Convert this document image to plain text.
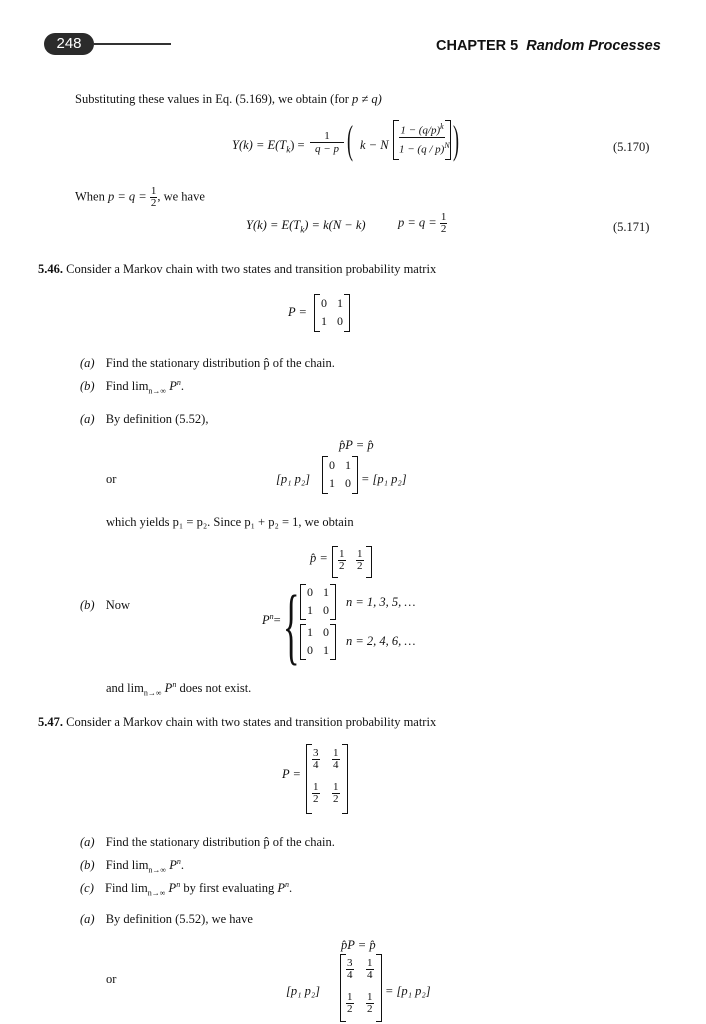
248	CHAPTER 5 Random Processes
Substituting these values in Eq. (5.169), we obtain (for p ≠ q)
$Y(k) = E(T_k)$ =
1
q − p ( k − N $\frac{1 - (q/p)^k}{1 - (q / p)^N}$ )	(5.170)
When $p = q = \frac{1}{2}$ , we have
$Y(k) = E(T_k) = k(N - k)$	$p = q = \frac{1}{2}$	(5.171)
5.46. Consider a Markov chain with two states and transition probability matrix
P =
0 1
1 0
(a) Find the stationary distribution p̂ of the chain.
(b) Find $\lim_{n\to\infty} P^n$.
(a) By definition (5.52),
p̂P = p̂
or	[p₁ p₂]
0 1
1 0 = [p₁ p₂]
which yields p₁ = p₂. Since p₁ + p₂ = 1, we obtain
p̂ = $\frac{1}{2} \frac{1}{2}$
(b) Now
$P^n=$ { 0 1
1 0
n = 1, 3, 5, …
1 0
0 1
n = 2, 4, 6, …
and $\lim_{n\to\infty} P^n$ does not exist.
5.47. Consider a Markov chain with two states and transition probability matrix
P =
$\frac{3}{4} \frac{1}{4}$
$\frac{1}{2} \frac{1}{2}$
(a) Find the stationary distribution p̂ of the chain.
(b) Find $\lim_{n\to\infty} P^n$.
(c) Find $\lim_{n\to\infty} P^n$ by first evaluating $P^n$.
(a) By definition (5.52), we have
p̂P = p̂
or
[p₁ p₂]
$\frac{3}{4} \frac{1}{4}$
$\frac{1}{2} \frac{1}{2}$
= [p₁ p₂]
